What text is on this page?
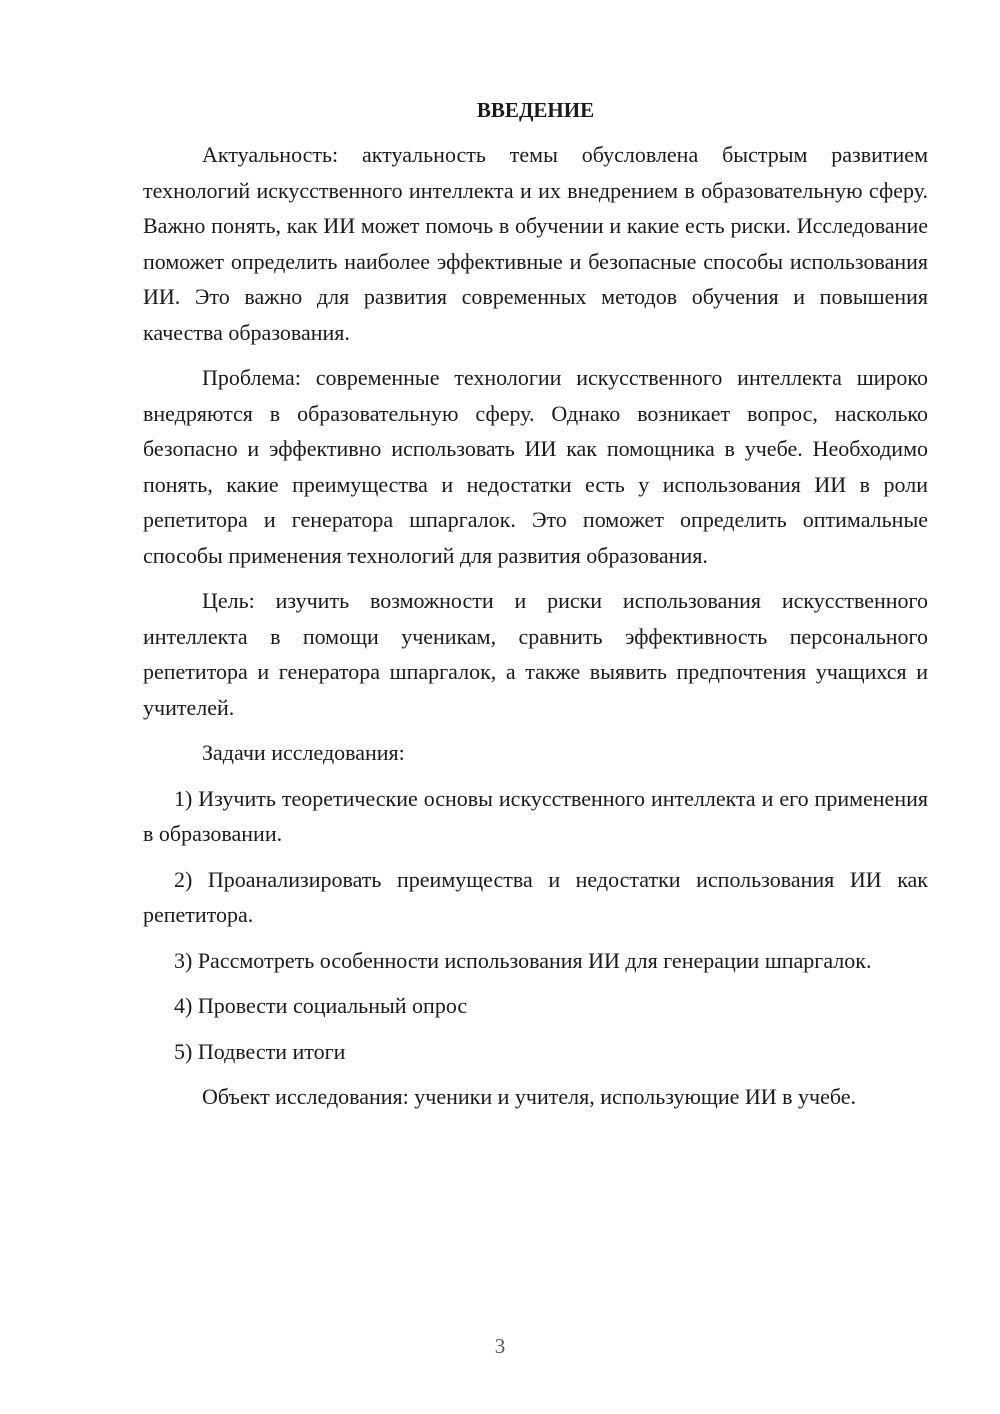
ВВЕДЕНИЕ

Актуальность: актуальность темы обусловлена быстрым развитием технологий искусственного интеллекта и их внедрением в образовательную сферу. Важно понять, как ИИ может помочь в обучении и какие есть риски. Исследование поможет определить наиболее эффективные и безопасные способы использования ИИ. Это важно для развития современных методов обучения и повышения качества образования.

Проблема: современные технологии искусственного интеллекта широко внедряются в образовательную сферу. Однако возникает вопрос, насколько безопасно и эффективно использовать ИИ как помощника в учебе. Необходимо понять, какие преимущества и недостатки есть у использования ИИ в роли репетитора и генератора шпаргалок. Это поможет определить оптимальные способы применения технологий для развития образования.

Цель: изучить возможности и риски использования искусственного интеллекта в помощи ученикам, сравнить эффективность персонального репетитора и генератора шпаргалок, а также выявить предпочтения учащихся и учителей.

Задачи исследования:

1) Изучить теоретические основы искусственного интеллекта и его применения в образовании.

2) Проанализировать преимущества и недостатки использования ИИ как репетитора.

3) Рассмотреть особенности использования ИИ для генерации шпаргалок.

4) Провести социальный опрос

5) Подвести итоги

Объект исследования: ученики и учителя, использующие ИИ в учебе.

3
